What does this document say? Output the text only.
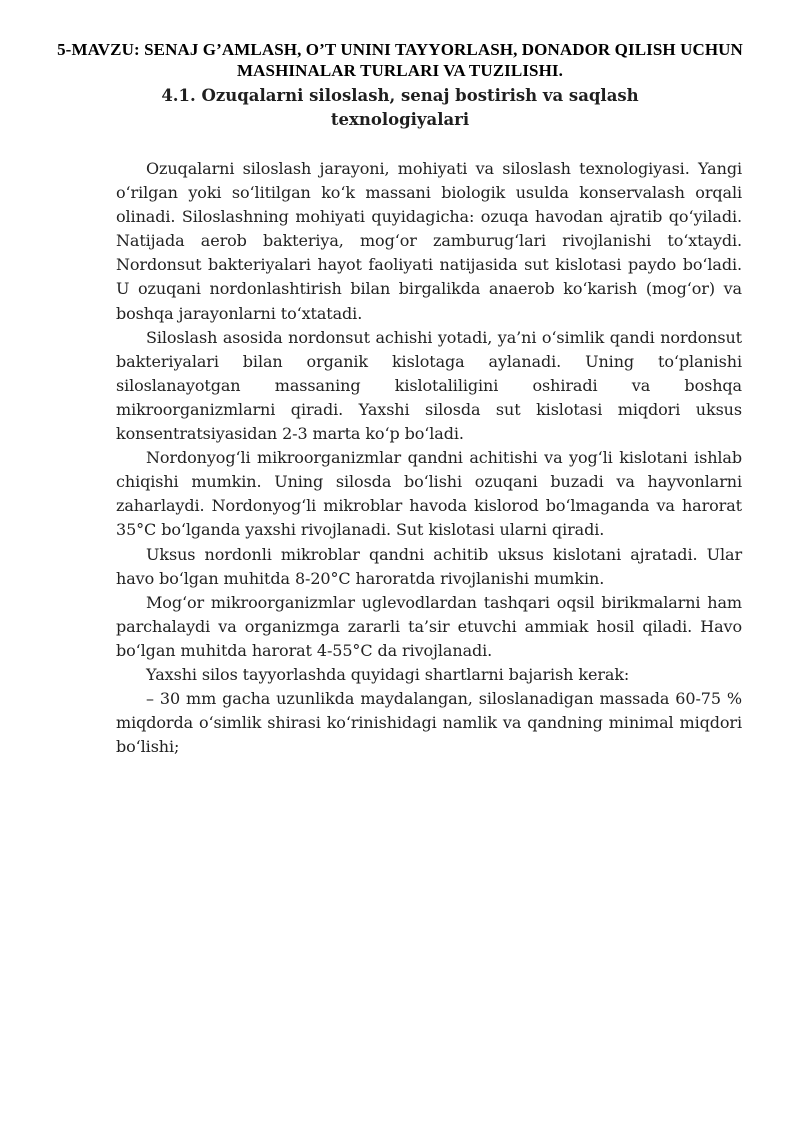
5-MAVZU: SENAJ G’AMLASH, O’T UNINI TAYYORLASH, DONADOR QILISH UCHUN MASHINALAR TURLARI VA TUZILISHI.
4.1. Ozuqalarni siloslash, senaj bostirish va saqlash texnologiyalari

Ozuqalarni siloslash jarayoni, mohiyati va siloslash texnologiyasi. Yangi o‘rilgan yoki so‘litilgan ko‘k massani biologik usulda konservalash orqali olinadi. Siloslashning mohiyati quyidagicha: ozuqa havodan ajratib qo‘yiladi. Natijada aerob bakteriya, mog‘or zamburug‘lari rivojlanishi to‘xtaydi. Nordonsut bakteriyalari hayot faoliyati natijasida sut kislotasi paydo bo‘ladi. U ozuqani nordonlashtirish bilan birgalikda anaerob ko‘karish (mog‘or) va boshqa jarayonlarni to‘xtatadi.

Siloslash asosida nordonsut achishi yotadi, ya’ni o‘simlik qandi nordonsut bakteriyalari bilan organik kislotaga aylanadi. Uning to‘planishi siloslanayotgan massaning kislotaliligini oshiradi va boshqa mikroorganizmlarni qiradi. Yaxshi silosda sut kislotasi miqdori uksus konsentratsiyasidan 2-3 marta ko‘p bo‘ladi.

Nordonyog‘li mikroorganizmlar qandni achitishi va yog‘li kislotani ishlab chiqishi mumkin. Uning silosda bo‘lishi ozuqani buzadi va hayvonlarni zaharlaydi. Nordonyog‘li mikroblar havoda kislorod bo‘lmaganda va harorat 35°C bo‘lganda yaxshi rivojlanadi. Sut kislotasi ularni qiradi.

Uksus nordonli mikroblar qandni achitib uksus kislotani ajratadi. Ular havo bo‘lgan muhitda 8-20°C haroratda rivojlanishi mumkin.

Mog‘or mikroorganizmlar uglevodlardan tashqari oqsil birikmalarni ham parchalaydi va organizmga zararli ta’sir etuvchi ammiak hosil qiladi. Havo bo‘lgan muhitda harorat 4-55°C da rivojlanadi.

Yaxshi silos tayyorlashda quyidagi shartlarni bajarish kerak:

– 30 mm gacha uzunlikda maydalangan, siloslanadigan massada 60-75 % miqdorda o‘simlik shirasi ko‘rinishidagi namlik va qandning minimal miqdori bo‘lishi;
